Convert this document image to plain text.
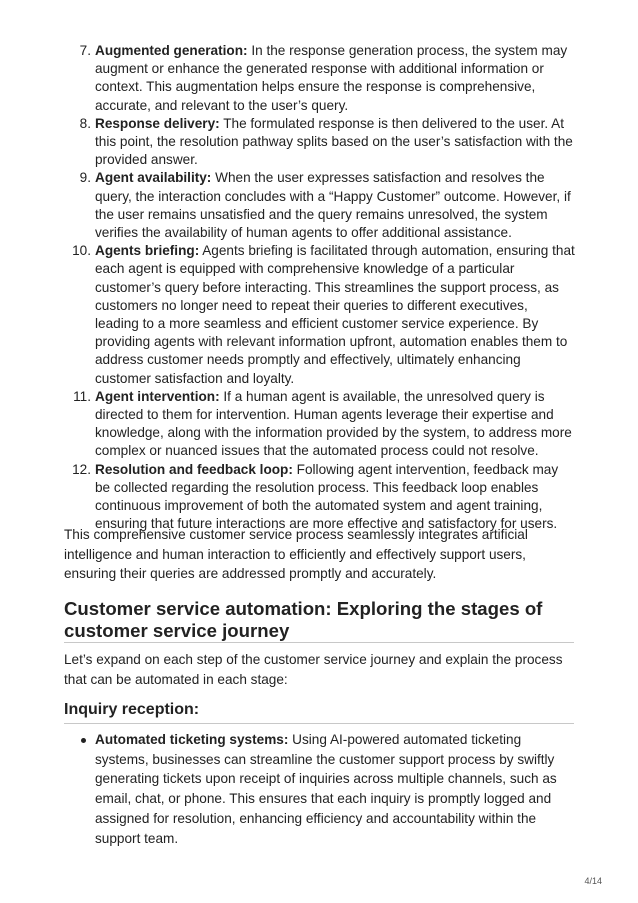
7. Augmented generation: In the response generation process, the system may augment or enhance the generated response with additional information or context. This augmentation helps ensure the response is comprehensive, accurate, and relevant to the user’s query.
8. Response delivery: The formulated response is then delivered to the user. At this point, the resolution pathway splits based on the user’s satisfaction with the provided answer.
9. Agent availability: When the user expresses satisfaction and resolves the query, the interaction concludes with a “Happy Customer” outcome. However, if the user remains unsatisfied and the query remains unresolved, the system verifies the availability of human agents to offer additional assistance.
10. Agents briefing: Agents briefing is facilitated through automation, ensuring that each agent is equipped with comprehensive knowledge of a particular customer’s query before interacting. This streamlines the support process, as customers no longer need to repeat their queries to different executives, leading to a more seamless and efficient customer service experience. By providing agents with relevant information upfront, automation enables them to address customer needs promptly and effectively, ultimately enhancing customer satisfaction and loyalty.
11. Agent intervention: If a human agent is available, the unresolved query is directed to them for intervention. Human agents leverage their expertise and knowledge, along with the information provided by the system, to address more complex or nuanced issues that the automated process could not resolve.
12. Resolution and feedback loop: Following agent intervention, feedback may be collected regarding the resolution process. This feedback loop enables continuous improvement of both the automated system and agent training, ensuring that future interactions are more effective and satisfactory for users.

This comprehensive customer service process seamlessly integrates artificial intelligence and human interaction to efficiently and effectively support users, ensuring their queries are addressed promptly and accurately.

Customer service automation: Exploring the stages of customer service journey

Let’s expand on each step of the customer service journey and explain the process that can be automated in each stage:

Inquiry reception:
Automated ticketing systems: Using AI-powered automated ticketing systems, businesses can streamline the customer support process by swiftly generating tickets upon receipt of inquiries across multiple channels, such as email, chat, or phone. This ensures that each inquiry is promptly logged and assigned for resolution, enhancing efficiency and accountability within the support team.
4/14
